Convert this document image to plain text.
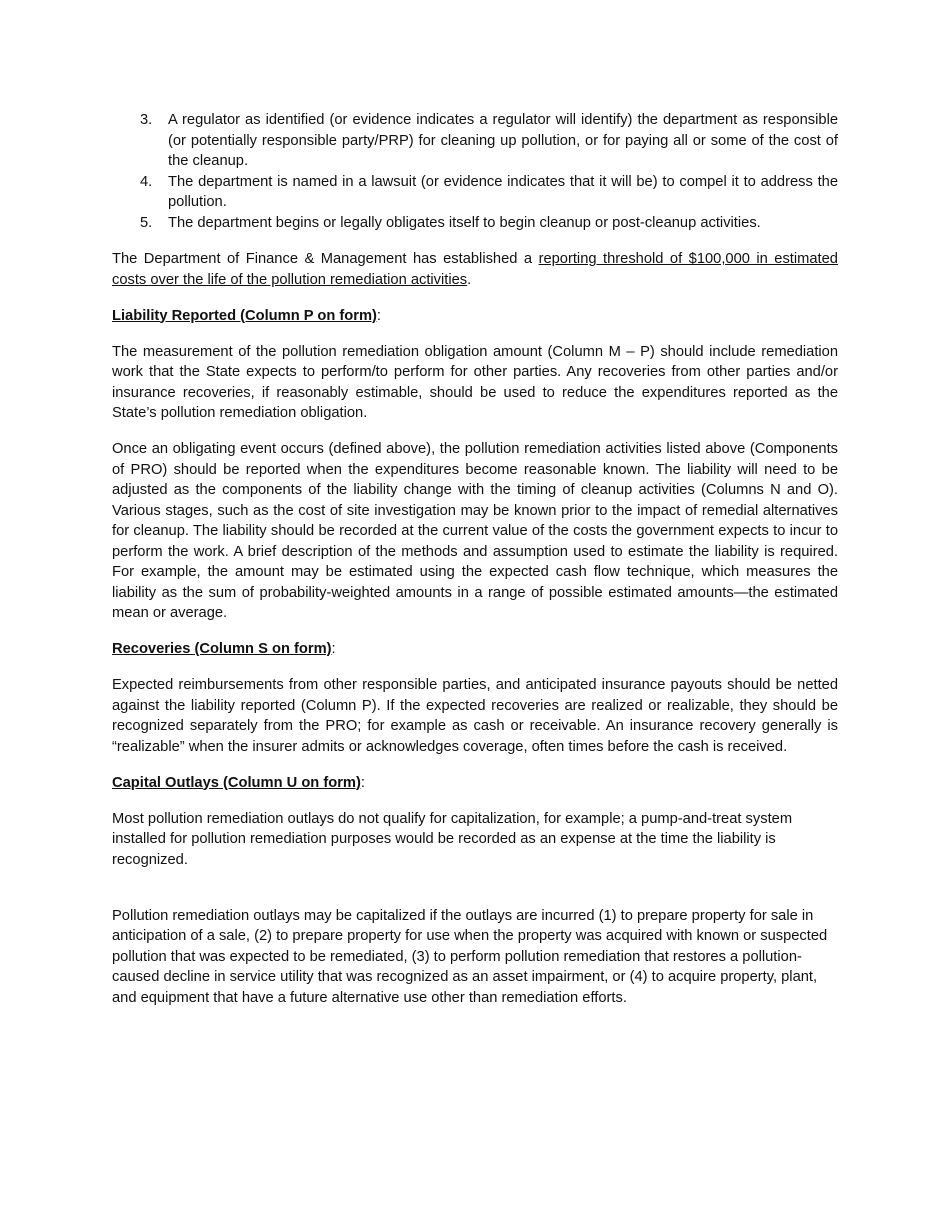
3. A regulator as identified (or evidence indicates a regulator will identify) the department as responsible (or potentially responsible party/PRP) for cleaning up pollution, or for paying all or some of the cost of the cleanup.
4. The department is named in a lawsuit (or evidence indicates that it will be) to compel it to address the pollution.
5. The department begins or legally obligates itself to begin cleanup or post-cleanup activities.

The Department of Finance & Management has established a reporting threshold of $100,000 in estimated costs over the life of the pollution remediation activities.

Liability Reported (Column P on form):

The measurement of the pollution remediation obligation amount (Column M – P) should include remediation work that the State expects to perform/to perform for other parties. Any recoveries from other parties and/or insurance recoveries, if reasonably estimable, should be used to reduce the expenditures reported as the State’s pollution remediation obligation.

Once an obligating event occurs (defined above), the pollution remediation activities listed above (Components of PRO) should be reported when the expenditures become reasonable known. The liability will need to be adjusted as the components of the liability change with the timing of cleanup activities (Columns N and O). Various stages, such as the cost of site investigation may be known prior to the impact of remedial alternatives for cleanup. The liability should be recorded at the current value of the costs the government expects to incur to perform the work. A brief description of the methods and assumption used to estimate the liability is required. For example, the amount may be estimated using the expected cash flow technique, which measures the liability as the sum of probability-weighted amounts in a range of possible estimated amounts—the estimated mean or average.

Recoveries (Column S on form):

Expected reimbursements from other responsible parties, and anticipated insurance payouts should be netted against the liability reported (Column P). If the expected recoveries are realized or realizable, they should be recognized separately from the PRO; for example as cash or receivable. An insurance recovery generally is “realizable” when the insurer admits or acknowledges coverage, often times before the cash is received.

Capital Outlays (Column U on form):

Most pollution remediation outlays do not qualify for capitalization, for example; a pump-and-treat system installed for pollution remediation purposes would be recorded as an expense at the time the liability is recognized.

Pollution remediation outlays may be capitalized if the outlays are incurred (1) to prepare property for sale in anticipation of a sale, (2) to prepare property for use when the property was acquired with known or suspected pollution that was expected to be remediated, (3) to perform pollution remediation that restores a pollution-caused decline in service utility that was recognized as an asset impairment, or (4) to acquire property, plant, and equipment that have a future alternative use other than remediation efforts.
